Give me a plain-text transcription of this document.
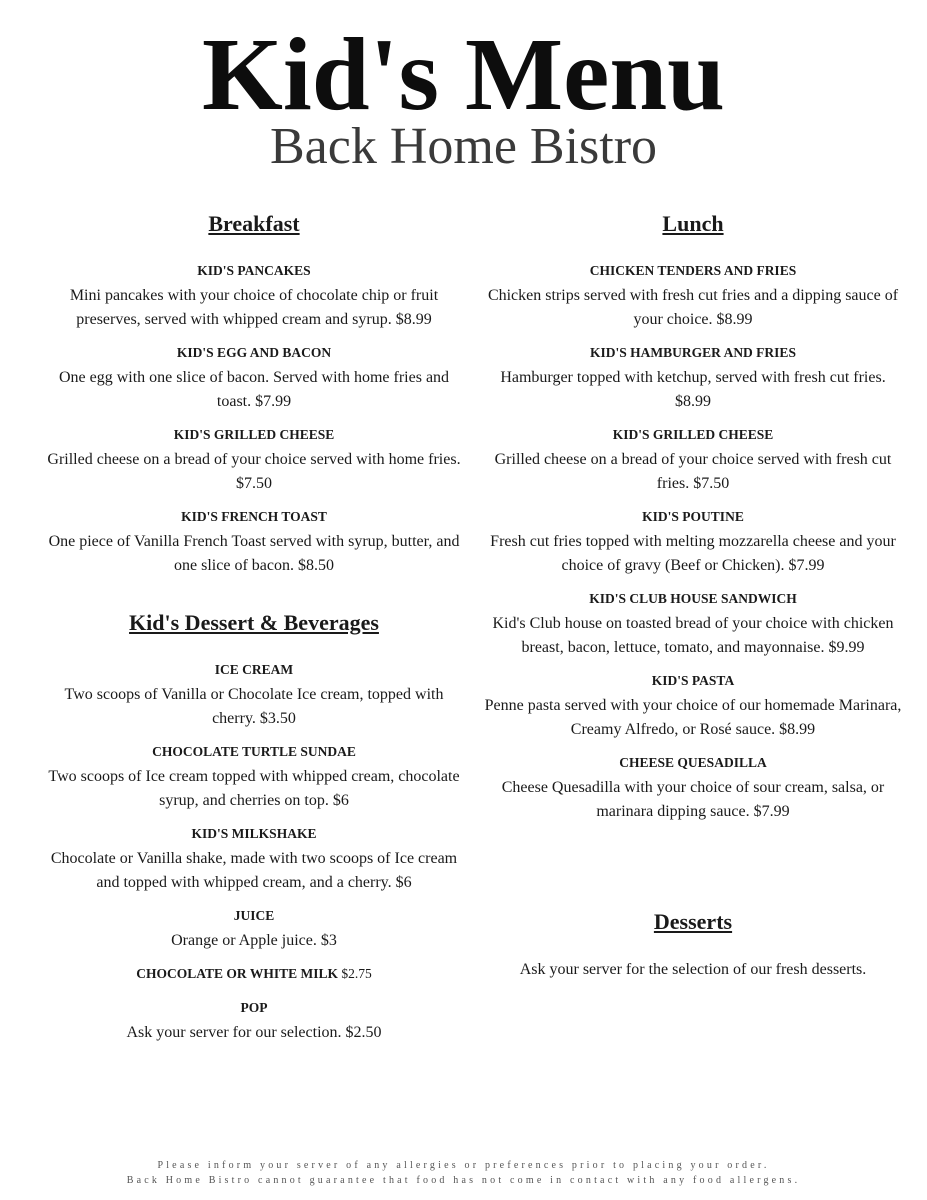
Kid's Menu
Back Home Bistro
Breakfast
KID'S PANCAKES
Mini pancakes with your choice of chocolate chip or fruit preserves, served with whipped cream and syrup. $8.99
KID'S EGG AND BACON
One egg with one slice of bacon. Served with home fries and toast. $7.99
KID'S GRILLED CHEESE
Grilled cheese on a bread of your choice served with home fries. $7.50
KID'S FRENCH TOAST
One piece of Vanilla French Toast served with syrup, butter, and one slice of bacon. $8.50
Kid's Dessert & Beverages
ICE CREAM
Two scoops of Vanilla or Chocolate Ice cream, topped with cherry. $3.50
CHOCOLATE TURTLE SUNDAE
Two scoops of Ice cream topped with whipped cream, chocolate syrup, and cherries on top. $6
KID'S MILKSHAKE
Chocolate or Vanilla shake, made with two scoops of Ice cream and topped with whipped cream, and a cherry. $6
JUICE
Orange or Apple juice. $3
CHOCOLATE OR WHITE MILK $2.75
POP
Ask your server for our selection. $2.50
Lunch
CHICKEN TENDERS AND FRIES
Chicken strips served with fresh cut fries and a dipping sauce of your choice. $8.99
KID'S HAMBURGER AND FRIES
Hamburger topped with ketchup, served with fresh cut fries. $8.99
KID'S GRILLED CHEESE
Grilled cheese on a bread of your choice served with fresh cut fries. $7.50
KID'S POUTINE
Fresh cut fries topped with melting mozzarella cheese and your choice of gravy (Beef or Chicken). $7.99
KID'S CLUB HOUSE SANDWICH
Kid's Club house on toasted bread of your choice with chicken breast, bacon, lettuce, tomato, and mayonnaise. $9.99
KID'S PASTA
Penne pasta served with your choice of our homemade Marinara, Creamy Alfredo, or Rosé sauce. $8.99
CHEESE QUESADILLA
Cheese Quesadilla with your choice of sour cream, salsa, or marinara dipping sauce. $7.99
Desserts
Ask your server for the selection of our fresh desserts.
Please inform your server of any allergies or preferences prior to placing your order.
Back Home Bistro cannot guarantee that food has not come in contact with any food allergens.
